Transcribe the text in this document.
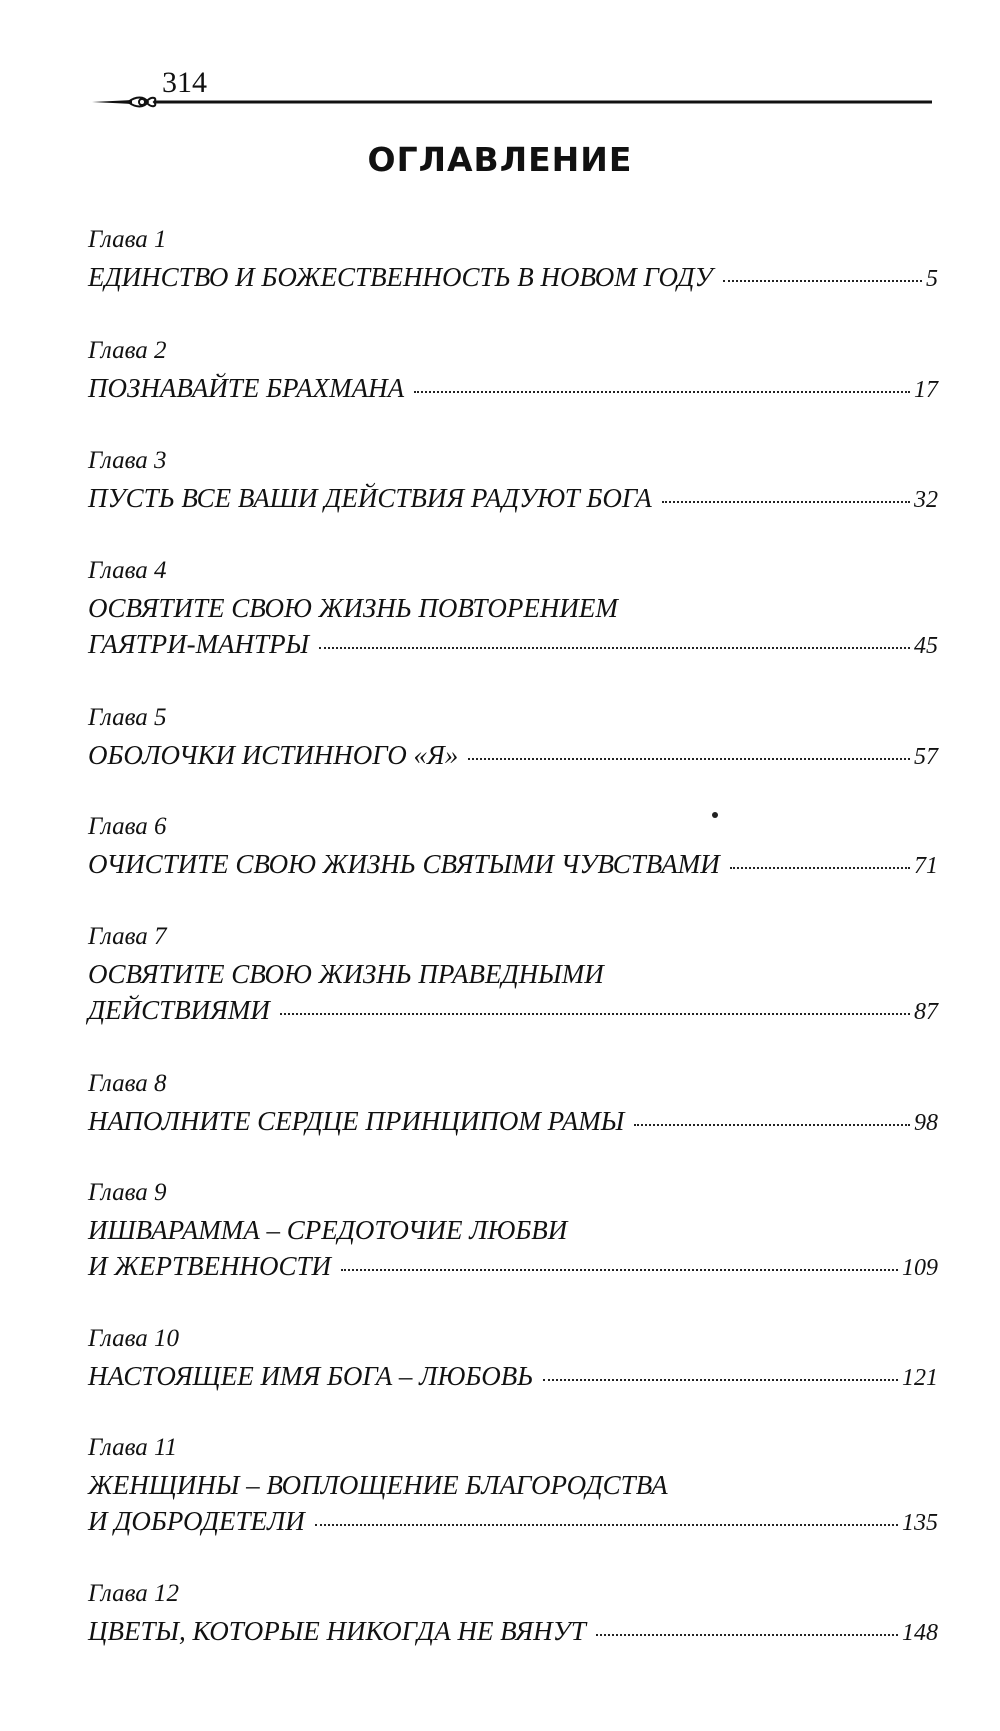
314
ОГЛАВЛЕНИЕ
Глава 1
ЕДИНСТВО И БОЖЕСТВЕННОСТЬ В НОВОМ ГОДУ	5
Глава 2
ПОЗНАВАЙТЕ БРАХМАНА	17
Глава 3
ПУСТЬ ВСЕ ВАШИ ДЕЙСТВИЯ РАДУЮТ БОГА	32
Глава 4
ОСВЯТИТЕ СВОЮ ЖИЗНЬ ПОВТОРЕНИЕМ
ГАЯТРИ-МАНТРЫ	45
Глава 5
ОБОЛОЧКИ ИСТИННОГО «Я»	57
Глава 6
ОЧИСТИТЕ СВОЮ ЖИЗНЬ СВЯТЫМИ ЧУВСТВАМИ	71
Глава 7
ОСВЯТИТЕ СВОЮ ЖИЗНЬ ПРАВЕДНЫМИ
ДЕЙСТВИЯМИ	87
Глава 8
НАПОЛНИТЕ СЕРДЦЕ ПРИНЦИПОМ РАМЫ	98
Глава 9
ИШВАРАММА – СРЕДОТОЧИЕ ЛЮБВИ
И ЖЕРТВЕННОСТИ	109
Глава 10
НАСТОЯЩЕЕ ИМЯ БОГА – ЛЮБОВЬ	121
Глава 11
ЖЕНЩИНЫ – ВОПЛОЩЕНИЕ БЛАГОРОДСТВА
И ДОБРОДЕТЕЛИ	135
Глава 12
ЦВЕТЫ, КОТОРЫЕ НИКОГДА НЕ ВЯНУТ	148
